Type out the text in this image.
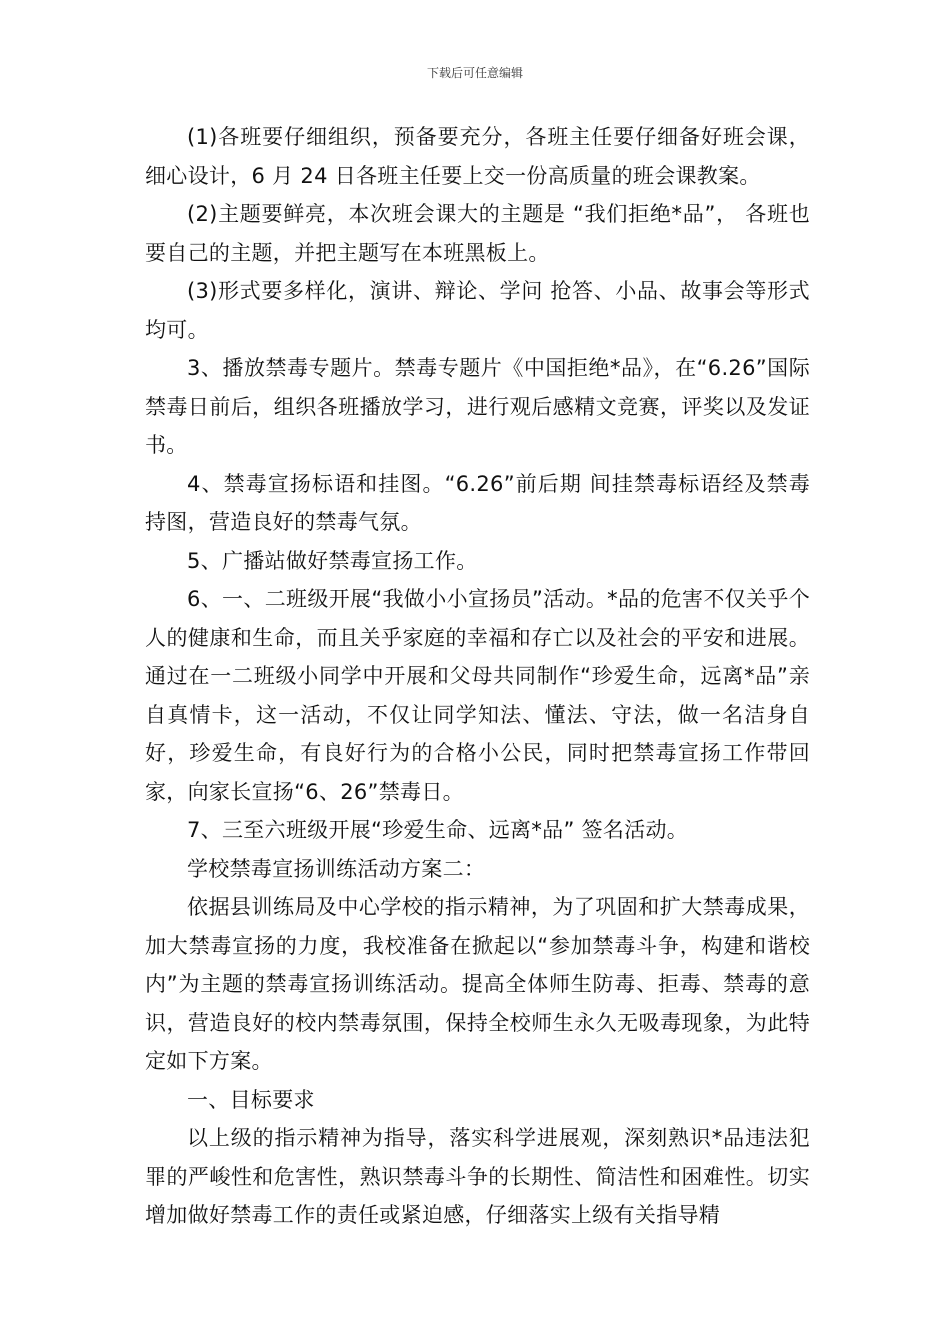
下载后可任意编辑

(1)各班要仔细组织，预备要充分，各班主任要仔细备好班会课，细心设计，6 月 24 日各班主任要上交一份高质量的班会课教案。

(2)主题要鲜亮，本次班会课大的主题是 “我们拒绝*品”， 各班也要自己的主题，并把主题写在本班黑板上。

(3)形式要多样化，演讲、辩论、学问 抢答、小品、故事会等形式均可。

3、播放禁毒专题片。禁毒专题片《中国拒绝*品》，在“6.26”国际禁毒日前后，组织各班播放学习，进行观后感精文竞赛，评奖以及发证书。

4、禁毒宣扬标语和挂图。“6.26”前后期 间挂禁毒标语经及禁毒持图，营造良好的禁毒气氛。

5、广播站做好禁毒宣扬工作。

6、一、二班级开展“我做小小宣扬员”活动。*品的危害不仅关乎个人的健康和生命，而且关乎家庭的幸福和存亡以及社会的平安和进展。通过在一二班级小同学中开展和父母共同制作“珍爱生命，远离*品”亲自真情卡，这一活动，不仅让同学知法、懂法、守法，做一名洁身自好，珍爱生命，有良好行为的合格小公民，同时把禁毒宣扬工作带回家，向家长宣扬“6、26”禁毒日。

7、三至六班级开展“珍爱生命、远离*品” 签名活动。

学校禁毒宣扬训练活动方案二：

依据县训练局及中心学校的指示精神，为了巩固和扩大禁毒成果，加大禁毒宣扬的力度，我校准备在掀起以“参加禁毒斗争，构建和谐校内”为主题的禁毒宣扬训练活动。提高全体师生防毒、拒毒、禁毒的意识，营造良好的校内禁毒氛围，保持全校师生永久无吸毒现象，为此特定如下方案。

一、目标要求

以上级的指示精神为指导，落实科学进展观，深刻熟识*品违法犯罪的严峻性和危害性，熟识禁毒斗争的长期性、简洁性和困难性。切实增加做好禁毒工作的责任或紧迫感，仔细落实上级有关指导精
